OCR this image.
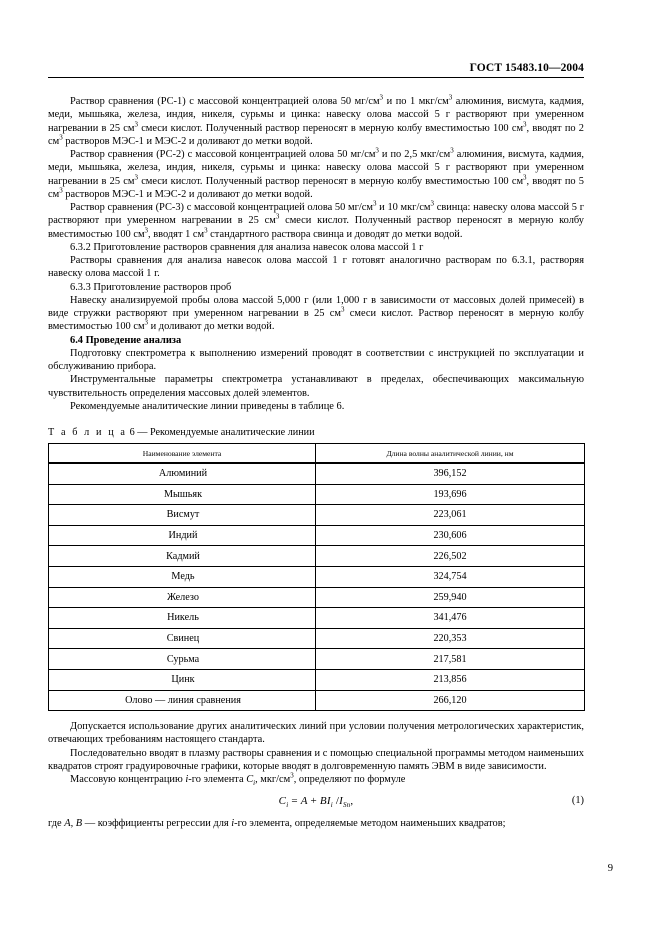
ГОСТ 15483.10—2004

Раствор сравнения (РС-1) с массовой концентрацией олова 50 $мг/см^3$ и по 1 мкг/$см^3$ алюминия, висмута, кадмия, меди, мышьяка, железа, индия, никеля, сурьмы и цинка: навеску олова массой 5 г растворяют при умеренном нагревании в 25 $см^3$ смеси кислот. Полученный раствор переносят в мерную колбу вместимостью 100 $см^3$, вводят по 2 $см^3$ растворов МЭС-1 и МЭС-2 и доливают до метки водой.

Раствор сравнения (РС-2) с массовой концентрацией олова 50 $мг/см^3$ и по 2,5 мкг/$см^3$ алюминия, висмута, кадмия, меди, мышьяка, железа, индия, никеля, сурьмы и цинка: навеску олова массой 5 г растворяют при умеренном нагревании в 25 $см^3$ смеси кислот. Полученный раствор переносят в мерную колбу вместимостью 100 $см^3$, вводят по 5 $см^3$ растворов МЭС-1 и МЭС-2 и доливают до метки водой.

Раствор сравнения (РС-3) с массовой концентрацией олова 50 $мг/см^3$ и 10 мкг/$см^3$ свинца: навеску олова массой 5 г растворяют при умеренном нагревании в 25 $см^3$ смеси кислот. Полученный раствор переносят в мерную колбу вместимостью 100 $см^3$, вводят 1 $см^3$ стандартного раствора свинца и доводят до метки водой.

6.3.2 Приготовление растворов сравнения для анализа навесок олова массой 1 г

Растворы сравнения для анализа навесок олова массой 1 г готовят аналогично растворам по 6.3.1, растворяя навеску олова массой 1 г.

6.3.3 Приготовление растворов проб

Навеску анализируемой пробы олова массой 5,000 г (или 1,000 г в зависимости от массовых долей примесей) в виде стружки растворяют при умеренном нагревании в 25 $см^3$ смеси кислот. Раствор переносят в мерную колбу вместимостью 100 $см^3$ и доливают до метки водой.

6.4 Проведение анализа

Подготовку спектрометра к выполнению измерений проводят в соответствии с инструкцией по эксплуатации и обслуживанию прибора.

Инструментальные параметры спектрометра устанавливают в пределах, обеспечивающих максимальную чувствительность определения массовых долей элементов.

Рекомендуемые аналитические линии приведены в таблице 6.

Т а б л и ц а 6 — Рекомендуемые аналитические линии
Наименование элемента	Длина волны аналитической линии, нм
Алюминий	396,152
Мышьяк	193,696
Висмут	223,061
Индий	230,606
Кадмий	226,502
Медь	324,754
Железо	259,940
Никель	341,476
Свинец	220,353
Сурьма	217,581
Цинк	213,856
Олово — линия сравнения	266,120

Допускается использование других аналитических линий при условии получения метрологических характеристик, отвечающих требованиям настоящего стандарта.

Последовательно вводят в плазму растворы сравнения и с помощью специальной программы методом наименьших квадратов строят градуировочные графики, которые вводят в долговременную память ЭВМ в виде зависимости.

Массовую концентрацию i-го элемента $C_i$, мкг/$см^3$, определяют по формуле

$C_i = A + BI_i$ $/I_{Sn}$,	(1)

где A, B — коэффициенты регрессии для i-го элемента, определяемые методом наименьших квадратов;

9
